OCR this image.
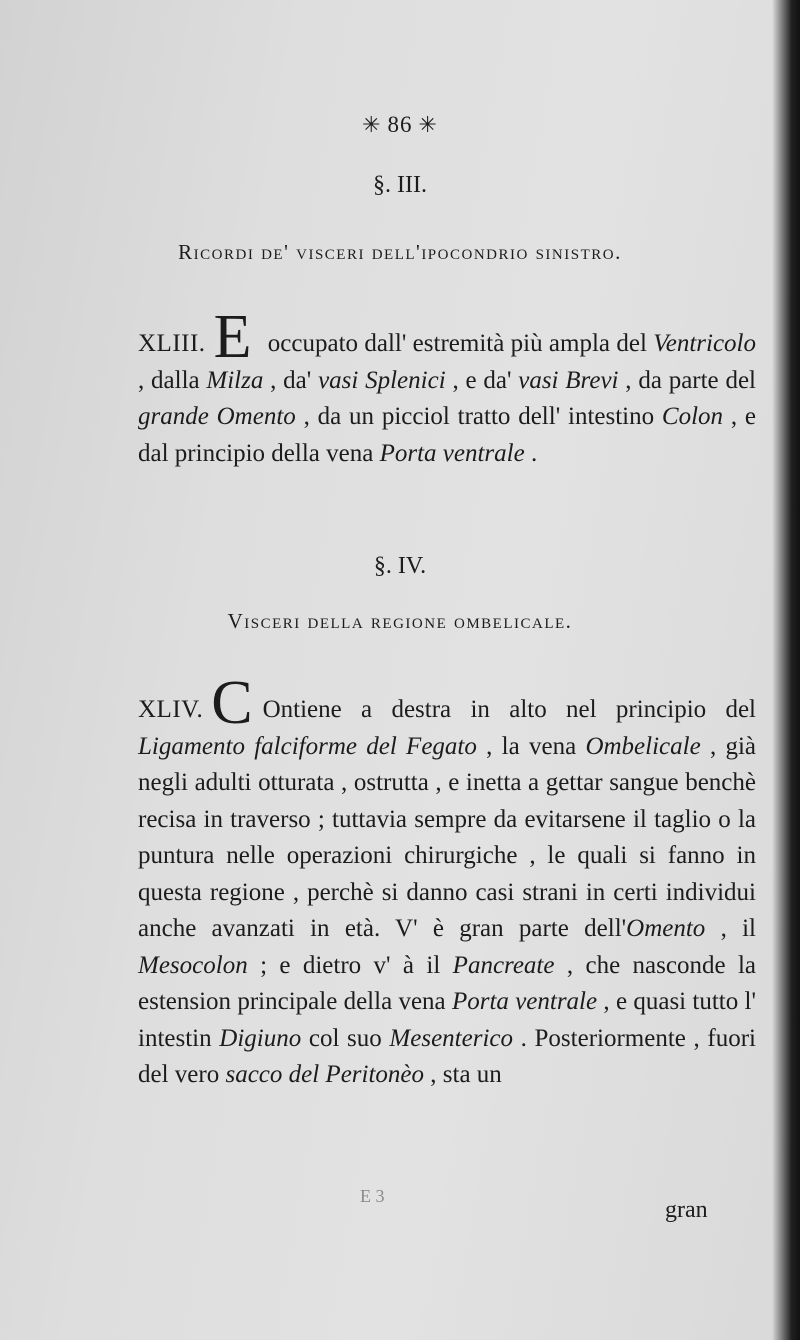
✳ 86 ✳
§. III.
Ricordi de' visceri dell'ipocondrio sinistro.

XLIII. E occupato dall' estremità più ampla del Ventricolo , dalla Milza , da' vasi Splenici , e da' vasi Brevi , da parte del grande Omento , da un picciol tratto dell' intestino Colon , e dal principio della vena Porta ventrale .

§. IV.
Visceri della regione ombelicale.

XLIV. C Ontiene a destra in alto nel principio del Ligamento falciforme del Fegato , la vena Ombelicale , già negli adulti otturata , ostrutta , e inetta a gettar sangue benchè recisa in traverso ; tuttavia sempre da evitarsene il taglio o la puntura nelle operazioni chirurgiche , le quali si fanno in questa regione , perchè si danno casi strani in certi individui anche avanzati in età. V' è gran parte dell'Omento , il Mesocolon ; e dietro v' à il Pancreate , che nasconde la estension principale della vena Porta ventrale , e quasi tutto l' intestin Digiuno col suo Mesenterico . Posteriormente , fuori del vero sacco del Peritonèo , sta un

E 3
gran
